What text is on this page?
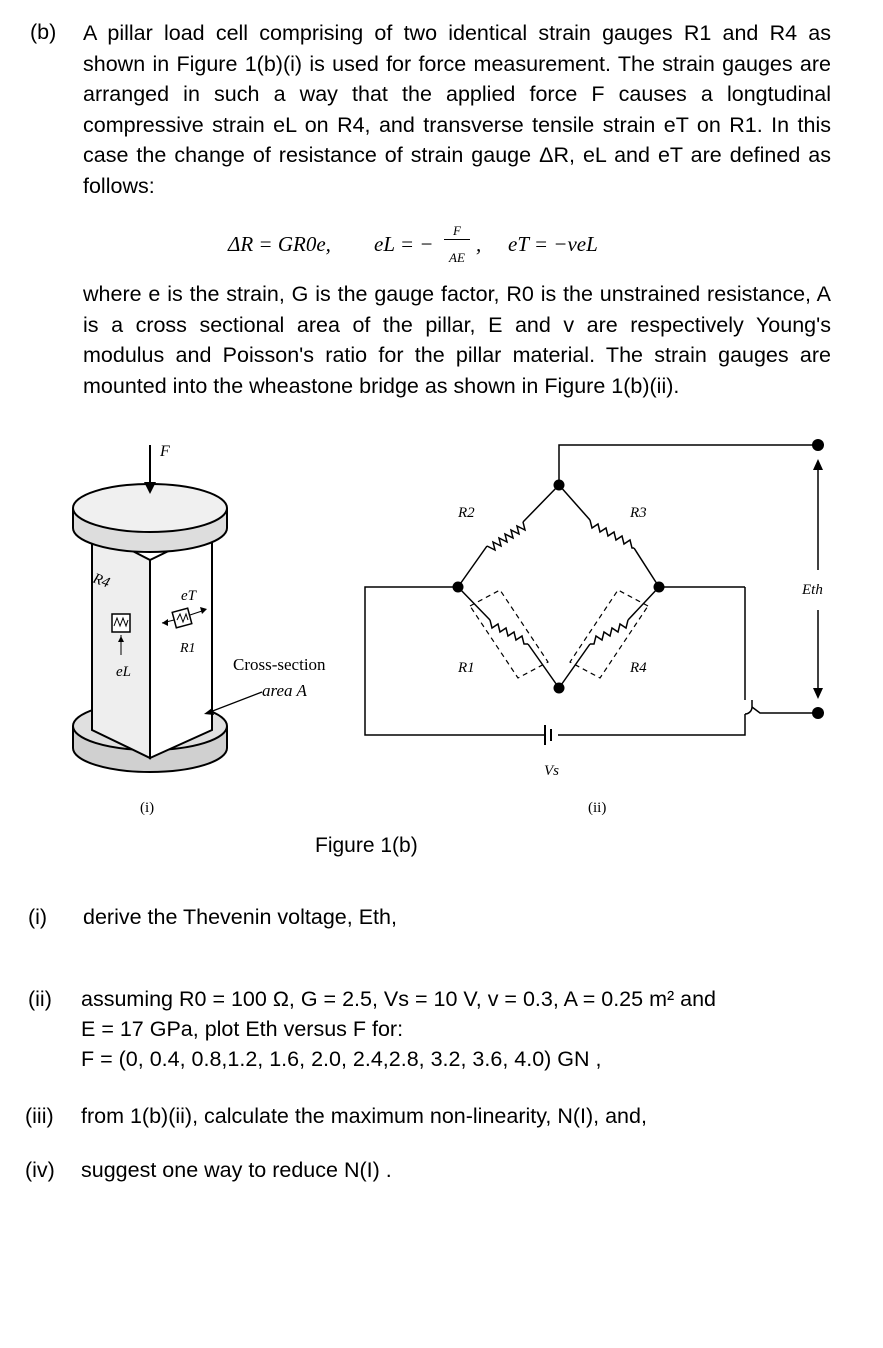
(b) A pillar load cell comprising of two identical strain gauges R1 and R4 as shown in Figure 1(b)(i) is used for force measurement. The strain gauges are arranged in such a way that the applied force F causes a longtudinal compressive strain eL on R4, and transverse tensile strain eT on R1. In this case the change of resistance of strain gauge ΔR, eL and eT are defined as follows:
ΔR = GR0e, eL = −
F
AE
, eT = −veL
where e is the strain, G is the gauge factor, R0 is the unstrained resistance, A is a cross sectional area of the pillar, E and v are respectively Young's modulus and Poisson's ratio for the pillar material. The strain gauges are mounted into the wheastone bridge as shown in Figure 1(b)(ii).
F
R4
eT
R1
eL	Cross-section
area A
(i)
R2	R3
R1	R4
Eth
Vs
(ii)
Figure 1(b)
(i) derive the Thevenin voltage, Eth,
(ii) assuming R0 = 100 Ω, G = 2.5, Vs = 10 V, v = 0.3, A = 0.25 m² and
E = 17 GPa, plot Eth versus F for:
F = (0, 0.4, 0.8,1.2, 1.6, 2.0, 2.4,2.8, 3.2, 3.6, 4.0) GN ,
(iii) from 1(b)(ii), calculate the maximum non-linearity, N(I), and,
(iv) suggest one way to reduce N(I) .
